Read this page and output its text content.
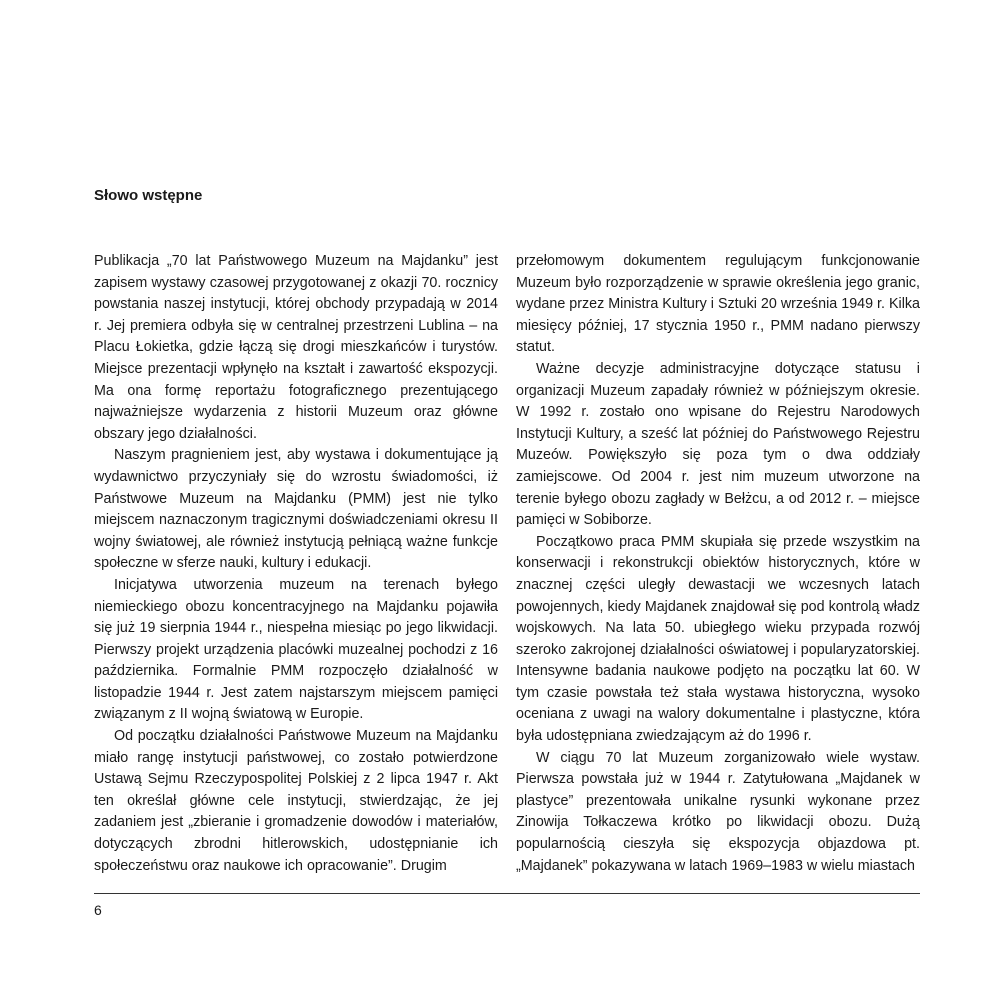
Słowo wstępne

Publikacja „70 lat Państwowego Muzeum na Majdanku” jest zapisem wystawy czasowej przygotowanej z okazji 70. rocznicy powstania naszej instytucji, której obchody przypadają w 2014 r. Jej premiera odbyła się w centralnej przestrzeni Lublina – na Placu Łokietka, gdzie łączą się drogi mieszkańców i turystów. Miejsce prezentacji wpłynęło na kształt i zawartość ekspozycji. Ma ona formę reportażu fotograficznego prezentującego najważniejsze wydarzenia z historii Muzeum oraz główne obszary jego działalności.

Naszym pragnieniem jest, aby wystawa i dokumentujące ją wydawnictwo przyczyniały się do wzrostu świadomości, iż Państwowe Muzeum na Majdanku (PMM) jest nie tylko miejscem naznaczonym tragicznymi doświadczeniami okresu II wojny światowej, ale również instytucją pełniącą ważne funkcje społeczne w sferze nauki, kultury i edukacji.

Inicjatywa utworzenia muzeum na terenach byłego niemieckiego obozu koncentracyjnego na Majdanku pojawiła się już 19 sierpnia 1944 r., niespełna miesiąc po jego likwidacji. Pierwszy projekt urządzenia placówki muzealnej pochodzi z 16 października. Formalnie PMM rozpoczęło działalność w listopadzie 1944 r. Jest zatem najstarszym miejscem pamięci związanym z II wojną światową w Europie.

Od początku działalności Państwowe Muzeum na Majdanku miało rangę instytucji państwowej, co zostało potwierdzone Ustawą Sejmu Rzeczypospolitej Polskiej z 2 lipca 1947 r. Akt ten określał główne cele instytucji, stwierdzając, że jej zadaniem jest „zbieranie i gromadzenie dowodów i materiałów, dotyczących zbrodni hitlerowskich, udostępnianie ich społeczeństwu oraz naukowe ich opracowanie”. Drugim

przełomowym dokumentem regulującym funkcjonowanie Muzeum było rozporządzenie w sprawie określenia jego granic, wydane przez Ministra Kultury i Sztuki 20 września 1949 r. Kilka miesięcy później, 17 stycznia 1950 r., PMM nadano pierwszy statut.

Ważne decyzje administracyjne dotyczące statusu i organizacji Muzeum zapadały również w późniejszym okresie. W 1992 r. zostało ono wpisane do Rejestru Narodowych Instytucji Kultury, a sześć lat później do Państwowego Rejestru Muzeów. Powiększyło się poza tym o dwa oddziały zamiejscowe. Od 2004 r. jest nim muzeum utworzone na terenie byłego obozu zagłady w Bełżcu, a od 2012 r. – miejsce pamięci w Sobiborze.

Początkowo praca PMM skupiała się przede wszystkim na konserwacji i rekonstrukcji obiektów historycznych, które w znacznej części uległy dewastacji we wczesnych latach powojennych, kiedy Majdanek znajdował się pod kontrolą władz wojskowych. Na lata 50. ubiegłego wieku przypada rozwój szeroko zakrojonej działalności oświatowej i popularyzatorskiej. Intensywne badania naukowe podjęto na początku lat 60. W tym czasie powstała też stała wystawa historyczna, wysoko oceniana z uwagi na walory dokumentalne i plastyczne, która była udostępniana zwiedzającym aż do 1996 r.

W ciągu 70 lat Muzeum zorganizowało wiele wystaw. Pierwsza powstała już w 1944 r. Zatytułowana „Majdanek w plastyce” prezentowała unikalne rysunki wykonane przez Zinowija Tołkaczewa krótko po likwidacji obozu. Dużą popularnością cieszyła się ekspozycja objazdowa pt. „Majdanek” pokazywana w latach 1969–1983 w wielu miastach

6
